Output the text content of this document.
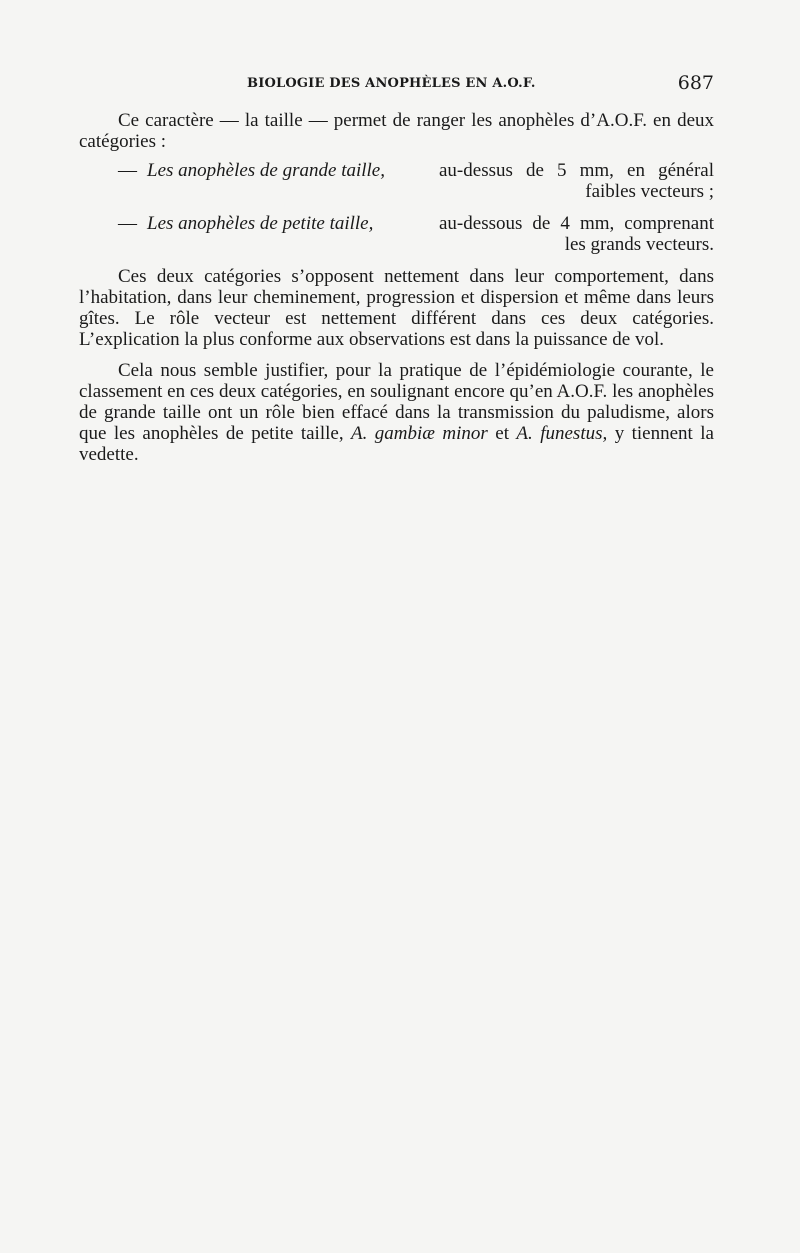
BIOLOGIE DES ANOPHÈLES EN A.O.F.	687

Ce caractère — la taille — permet de ranger les anophèles d’A.O.F. en deux catégories :

— Les anophèles de grande taille,	au-dessus de 5 mm, en général faibles vecteurs ;
— Les anophèles de petite taille,	au-dessous de 4 mm, comprenant les grands vecteurs.

Ces deux catégories s’opposent nettement dans leur comportement, dans l’habitation, dans leur cheminement, progression et dispersion et même dans leurs gîtes. Le rôle vecteur est nettement différent dans ces deux catégories. L’explication la plus conforme aux observations est dans la puissance de vol.

Cela nous semble justifier, pour la pratique de l’épidémiologie courante, le classement en ces deux catégories, en soulignant encore qu’en A.O.F. les anophèles de grande taille ont un rôle bien effacé dans la transmission du paludisme, alors que les anophèles de petite taille, A. gambiæ minor et A. funestus, y tiennent la vedette.
